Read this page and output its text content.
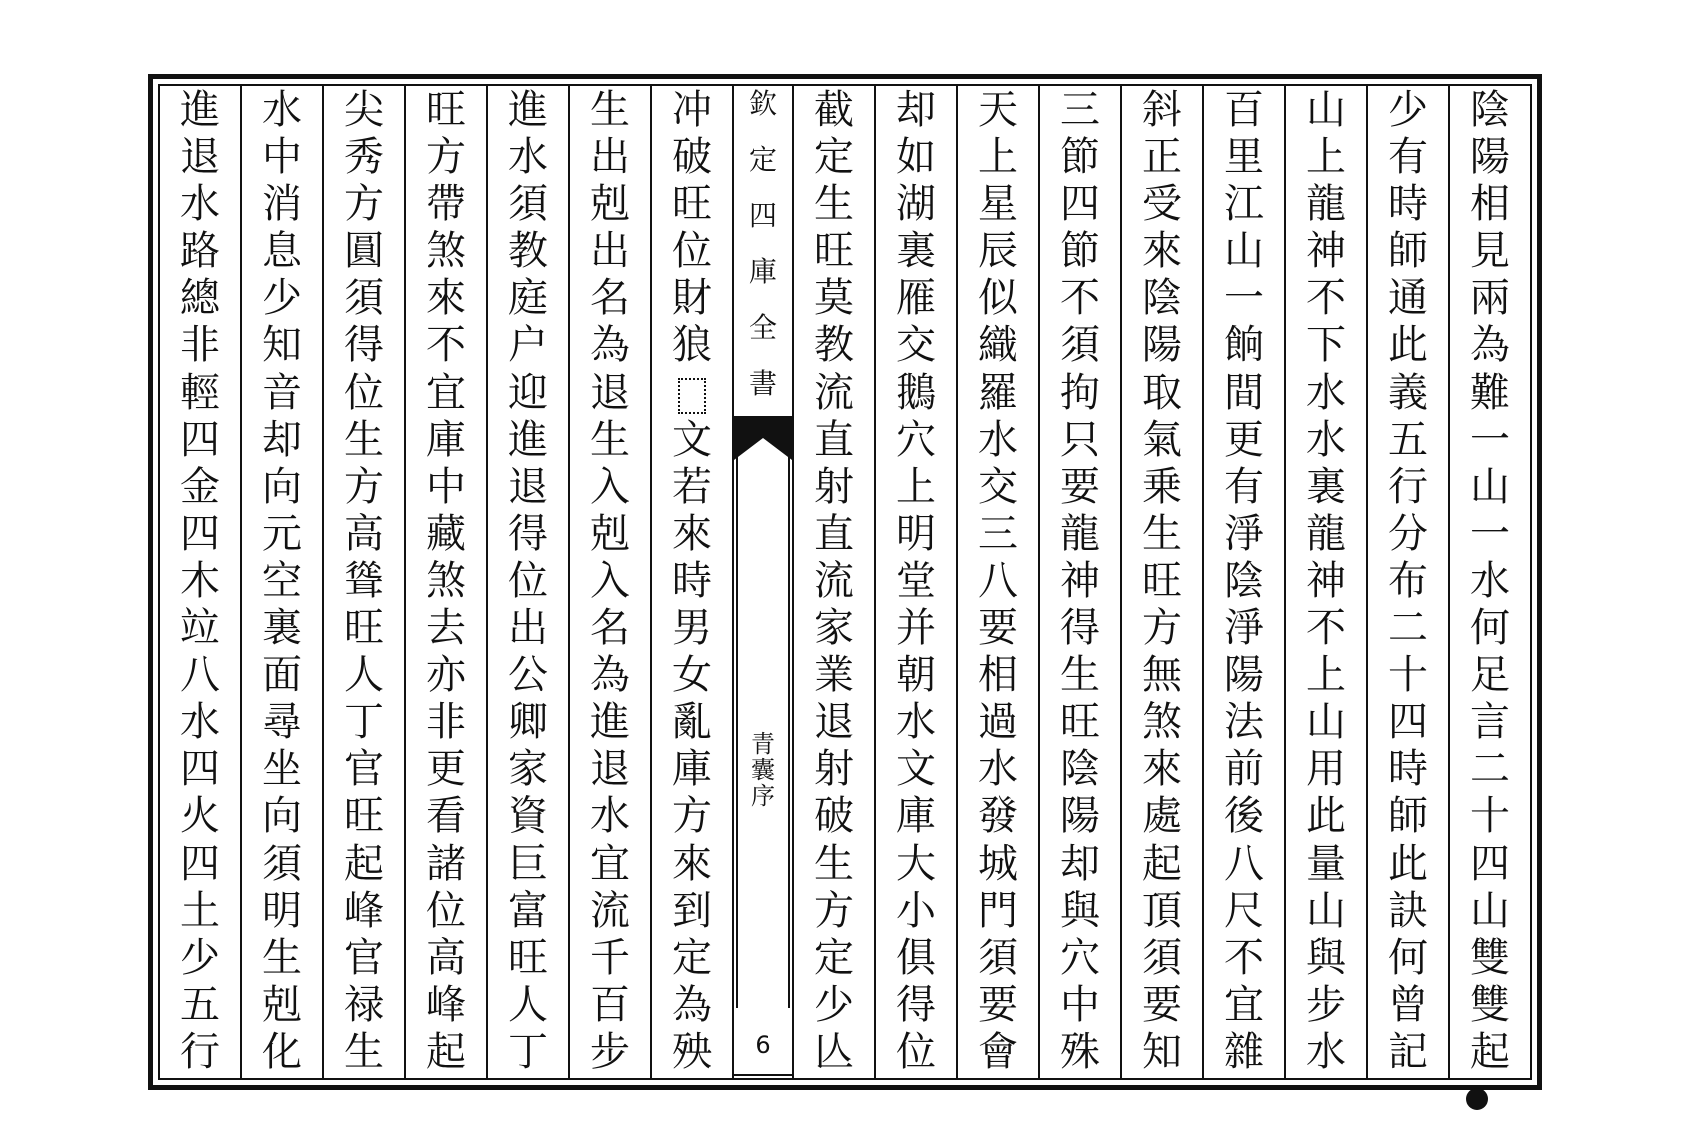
進
退
水
路
總
非
輕
四
金
四
木
竝
八
水
四
火
四
土
少
五
行
水
中
消
息
少
知
音
却
向
元
空
裏
面
尋
坐
向
須
明
生
剋
化
尖
秀
方
圓
須
得
位
生
方
高
聳
旺
人
丁
官
旺
起
峰
官
禄
生
旺
方
帶
煞
來
不
宜
庫
中
藏
煞
去
亦
非
更
看
諸
位
高
峰
起
進
水
須
教
庭
户
迎
進
退
得
位
出
公
卿
家
資
巨
富
旺
人
丁
生
出
剋
出
名
為
退
生
入
剋
入
名
為
進
退
水
宜
流
千
百
步
冲
破
旺
位
財
狼
文
若
來
時
男
女
亂
庫
方
來
到
定
為
殃
欽
定
四
庫
全
書
青
囊
序
6
截
定
生
旺
莫
教
流
直
射
直
流
家
業
退
射
破
生
方
定
少
亾
却
如
湖
裏
雁
交
鵝
穴
上
明
堂
并
朝
水
文
庫
大
小
俱
得
位
天
上
星
辰
似
織
羅
水
交
三
八
要
相
過
水
發
城
門
須
要
會
三
節
四
節
不
須
拘
只
要
龍
神
得
生
旺
陰
陽
却
與
穴
中
殊
斜
正
受
來
陰
陽
取
氣
乗
生
旺
方
無
煞
來
處
起
頂
須
要
知
百
里
江
山
一
餉
間
更
有
淨
陰
淨
陽
法
前
後
八
尺
不
宜
雜
山
上
龍
神
不
下
水
水
裏
龍
神
不
上
山
用
此
量
山
與
步
水
少
有
時
師
通
此
義
五
行
分
布
二
十
四
時
師
此
訣
何
曾
記
陰
陽
相
見
兩
為
難
一
山
一
水
何
足
言
二
十
四
山
雙
雙
起
